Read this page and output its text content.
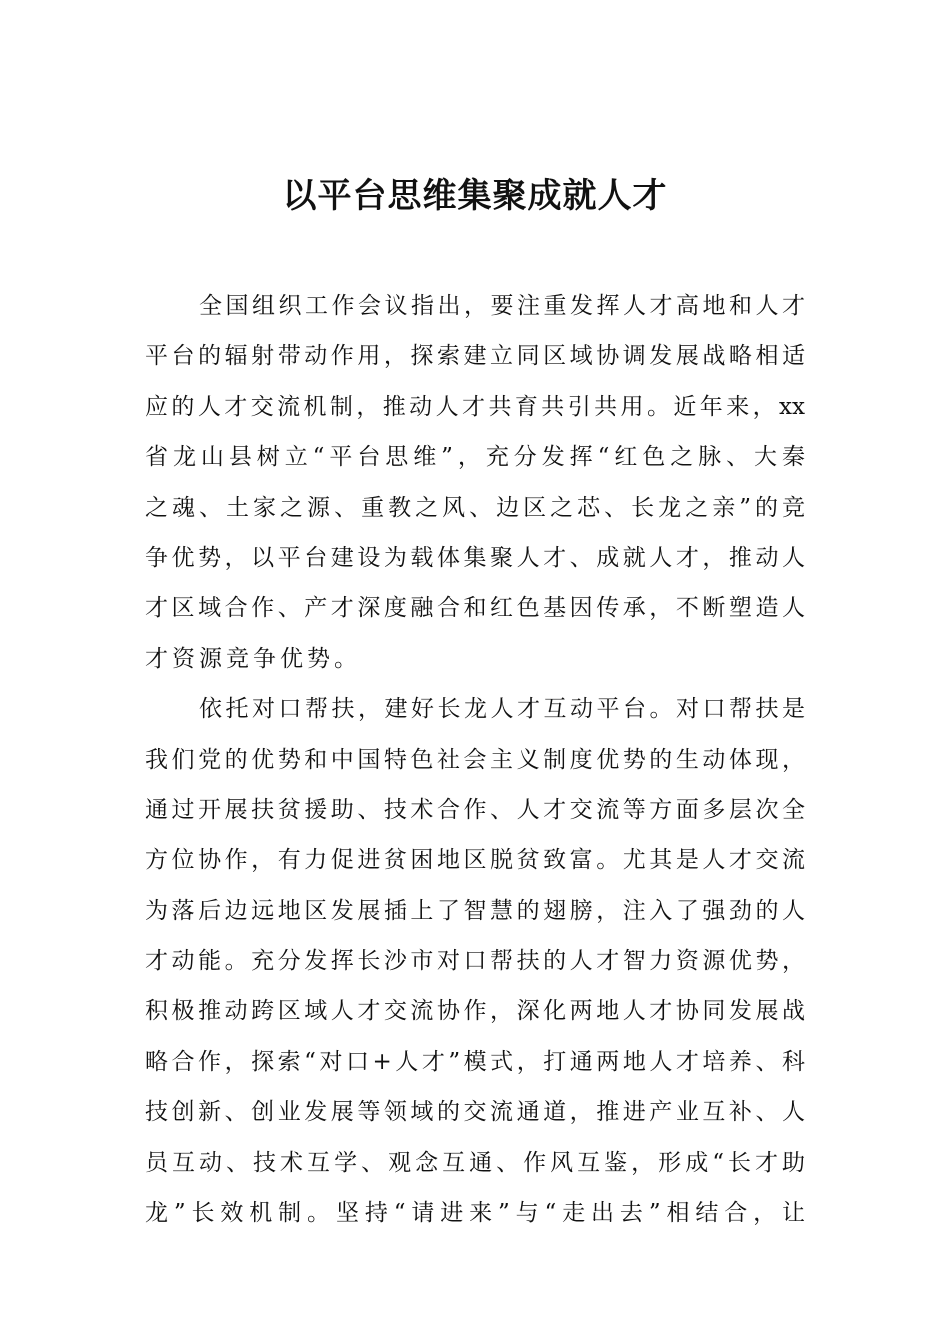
以平台思维集聚成就人才
全国组织工作会议指出，要注重发挥人才高地和人才
平台的辐射带动作用，探索建立同区域协调发展战略相适
应的人才交流机制，推动人才共育共引共用。近年来，xx
省龙山县树立“平台思维”，充分发挥“红色之脉、大秦
之魂、土家之源、重教之风、边区之芯、长龙之亲”的竞
争优势，以平台建设为载体集聚人才、成就人才，推动人
才区域合作、产才深度融合和红色基因传承，不断塑造人
才资源竞争优势。
依托对口帮扶，建好长龙人才互动平台。对口帮扶是
我们党的优势和中国特色社会主义制度优势的生动体现，
通过开展扶贫援助、技术合作、人才交流等方面多层次全
方位协作，有力促进贫困地区脱贫致富。尤其是人才交流
为落后边远地区发展插上了智慧的翅膀，注入了强劲的人
才动能。充分发挥长沙市对口帮扶的人才智力资源优势，
积极推动跨区域人才交流协作，深化两地人才协同发展战
略合作，探索“对口+人才”模式，打通两地人才培养、科
技创新、创业发展等领域的交流通道，推进产业互补、人
员互动、技术互学、观念互通、作风互鉴，形成“长才助
龙”长效机制。坚持“请进来”与“走出去”相结合，让
